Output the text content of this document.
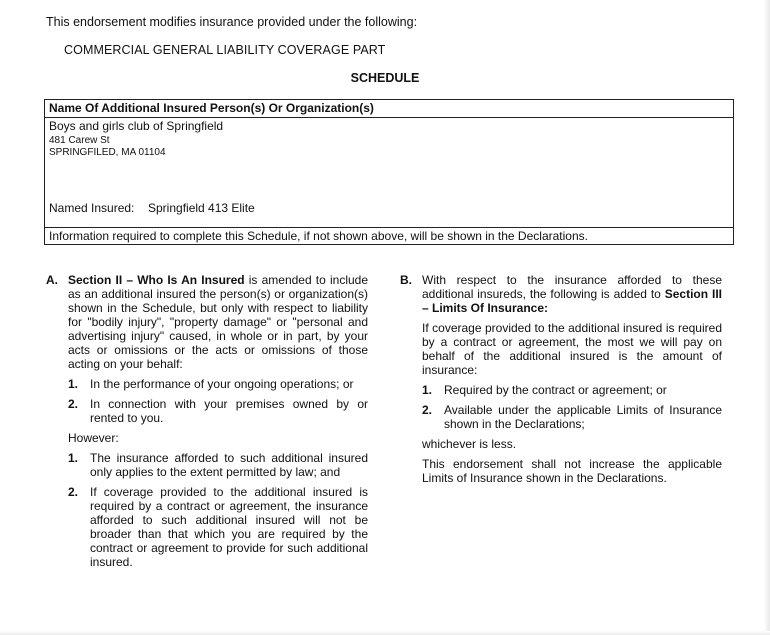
This endorsement modifies insurance provided under the following:
COMMERCIAL GENERAL LIABILITY COVERAGE PART
SCHEDULE
Name Of Additional Insured Person(s) Or Organization(s)
Boys and girls club of Springfield
481 Carew St
SPRINGFILED, MA 01104
Named Insured: Springfield 413 Elite
Information required to complete this Schedule, if not shown above, will be shown in the Declarations.
A. Section II – Who Is An Insured is amended to include as an additional insured the person(s) or organization(s) shown in the Schedule, but only with respect to liability for "bodily injury", "property damage" or "personal and advertising injury" caused, in whole or in part, by your acts or omissions or the acts or omissions of those acting on your behalf:

1. In the performance of your ongoing operations; or
2. In connection with your premises owned by or rented to you.

However:

1. The insurance afforded to such additional insured only applies to the extent permitted by law; and
2. If coverage provided to the additional insured is required by a contract or agreement, the insurance afforded to such additional insured will not be broader than that which you are required by the contract or agreement to provide for such additional insured.
B. With respect to the insurance afforded to these additional insureds, the following is added to Section III – Limits Of Insurance:

If coverage provided to the additional insured is required by a contract or agreement, the most we will pay on behalf of the additional insured is the amount of insurance:

1. Required by the contract or agreement; or
2. Available under the applicable Limits of Insurance shown in the Declarations;

whichever is less.

This endorsement shall not increase the applicable Limits of Insurance shown in the Declarations.
